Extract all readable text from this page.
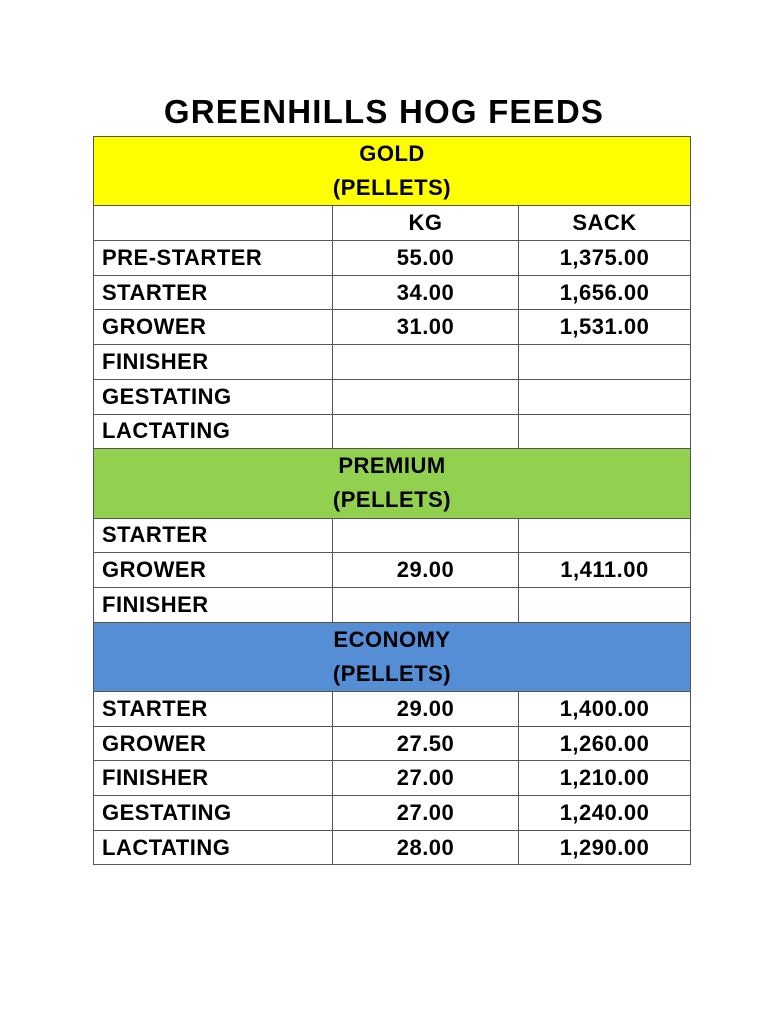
GREENHILLS HOG FEEDS
GOLD
(PELLETS)		

	KG	SACK
PRE-STARTER	55.00	1,375.00
STARTER	34.00	1,656.00
GROWER	31.00	1,531.00
FINISHER		
GESTATING		
LACTATING		

PREMIUM
(PELLETS)		

STARTER		
GROWER	29.00	1,411.00
FINISHER		

ECONOMY
(PELLETS)		

STARTER	29.00	1,400.00
GROWER	27.50	1,260.00
FINISHER	27.00	1,210.00
GESTATING	27.00	1,240.00
LACTATING	28.00	1,290.00
